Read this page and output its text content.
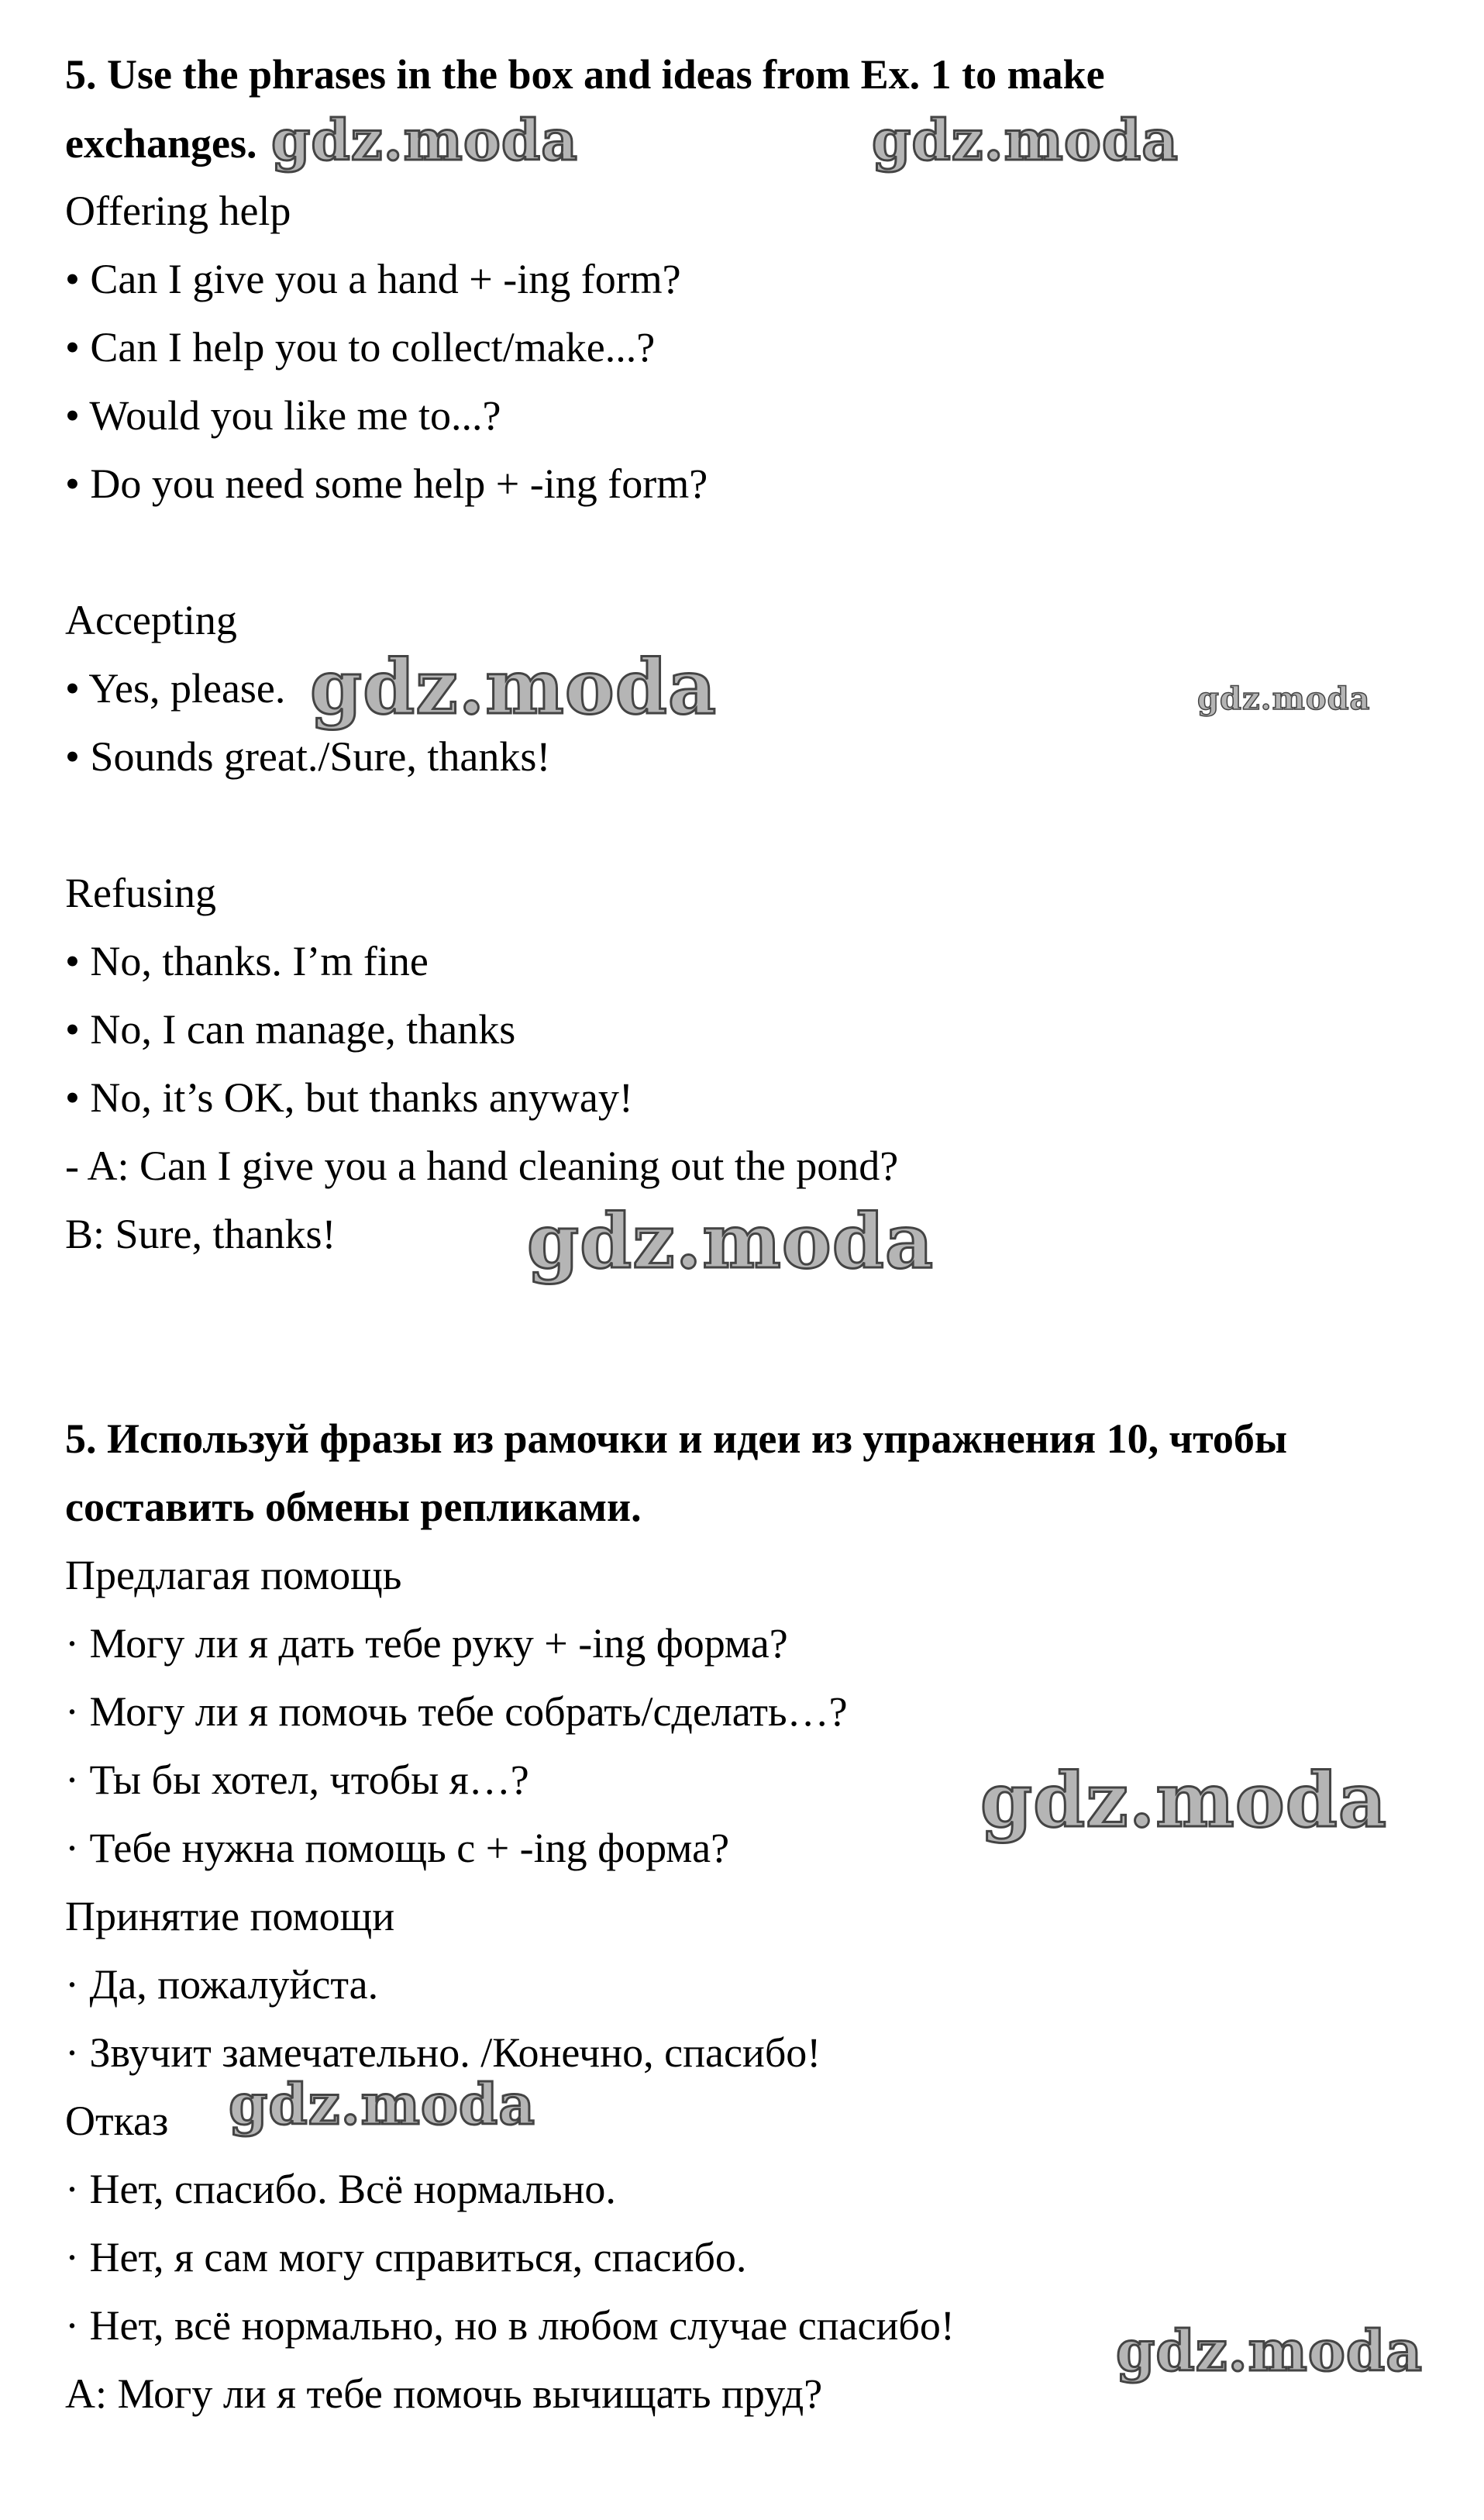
5. Use the phrases in the box and ideas from Ex. 1 to make
exchanges.
Offering help
• Can I give you a hand + -ing form?
• Can I help you to collect/make...?
• Would you like me to...?
• Do you need some help + -ing form?
Accepting
• Yes, please.
• Sounds great./Sure, thanks!
Refusing
• No, thanks. I’m fine
• No, I can manage, thanks
• No, it’s OK, but thanks anyway!
- A: Can I give you a hand cleaning out the pond?
B: Sure, thanks!
5. Используй фразы из рамочки и идеи из упражнения 10, чтобы
составить обмены репликами.
Предлагая помощь
· Могу ли я дать тебе руку + -ing форма?
· Могу ли я помочь тебе собрать/сделать…?
· Ты бы хотел, чтобы я…?
· Тебе нужна помощь с + -ing форма?
Принятие помощи
· Да, пожалуйста.
· Звучит замечательно. /Конечно, спасибо!
Отказ
· Нет, спасибо. Всё нормально.
· Нет, я сам могу справиться, спасибо.
· Нет, всё нормально, но в любом случае спасибо!
А: Могу ли я тебе помочь вычищать пруд?
gdz.moda	gdz.moda
gdz.moda	gdz.moda
gdz.moda
gdz.moda
gdz.moda
gdz.moda
